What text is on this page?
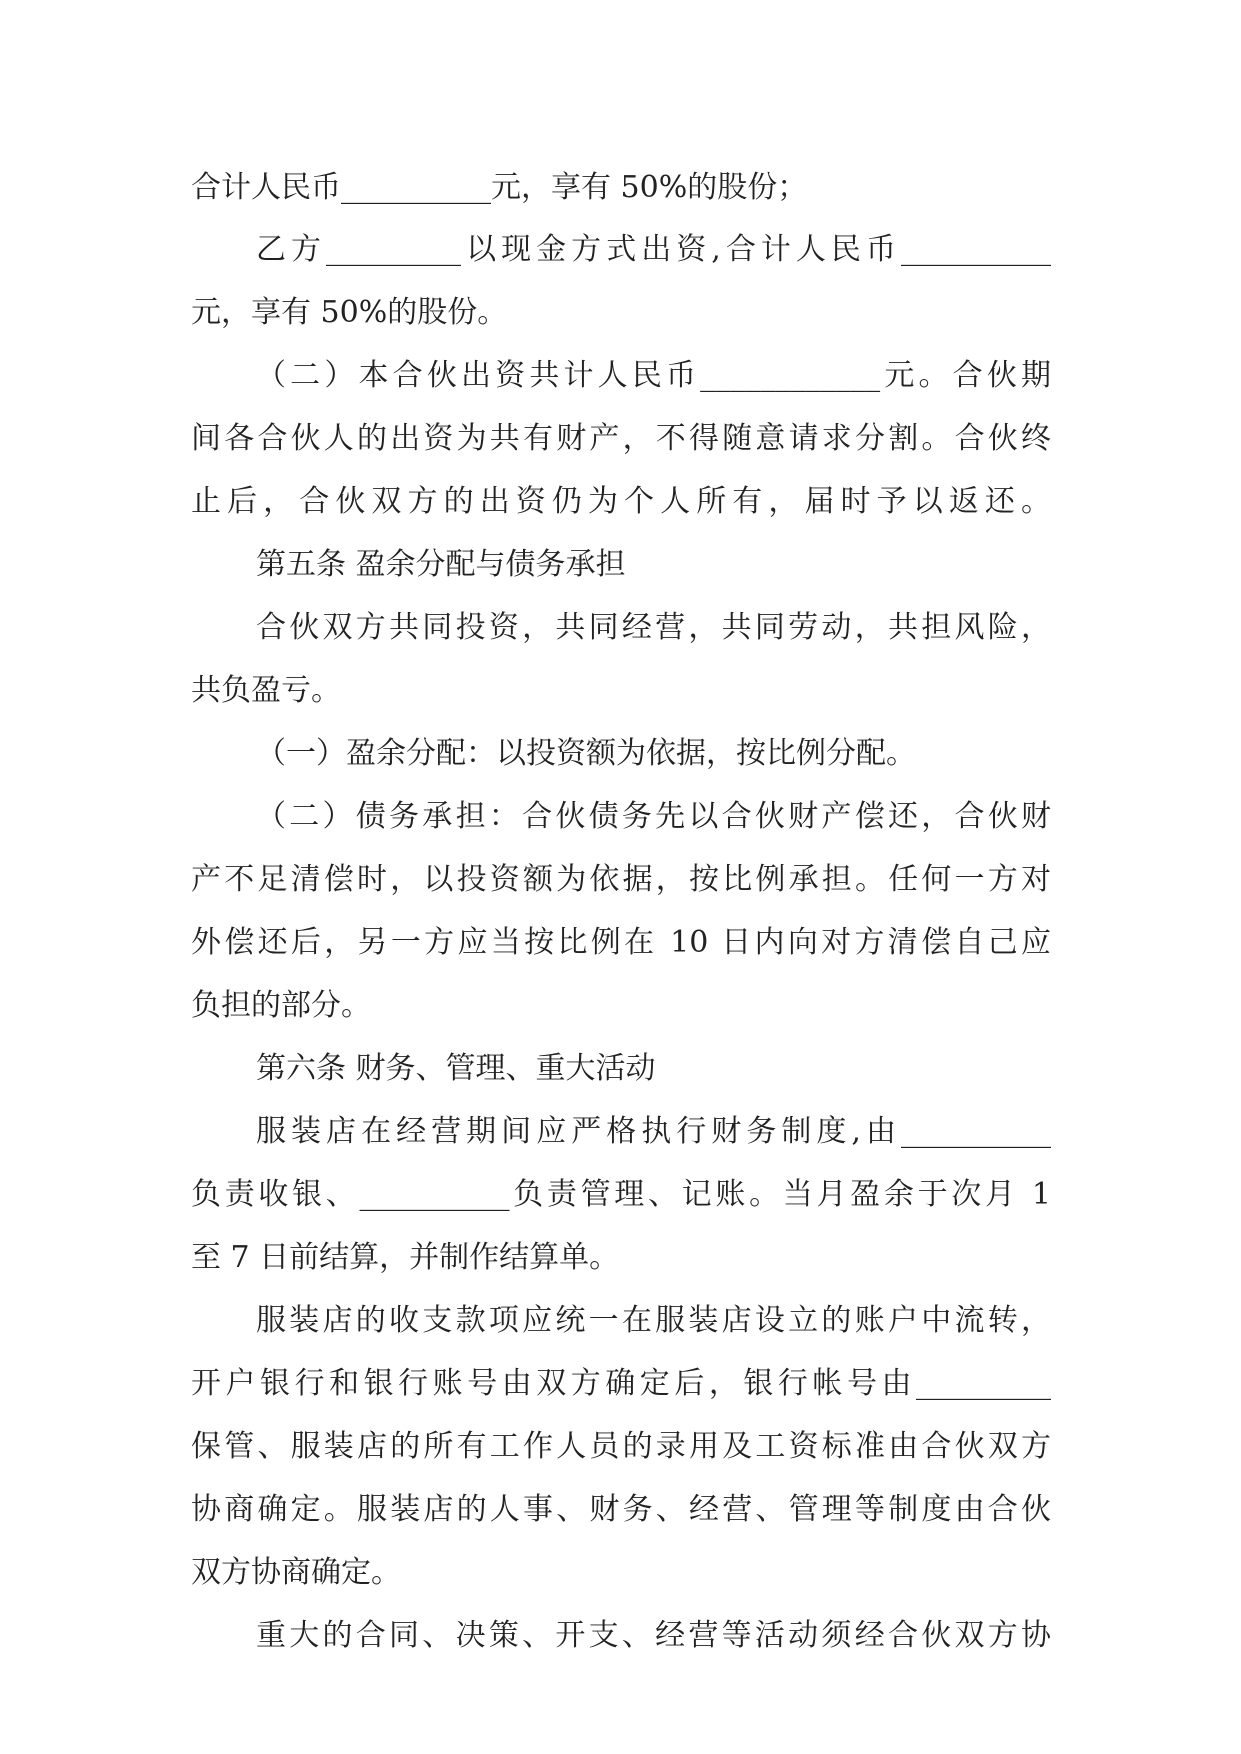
合计人民币__________元，享有 50%的股份；
乙方_________以现金方式出资,合计人民币__________
元，享有 50%的股份。
（二）本合伙出资共计人民币____________元。合伙期
间各合伙人的出资为共有财产，不得随意请求分割。合伙终
止后，合伙双方的出资仍为个人所有，届时予以返还。
第五条 盈余分配与债务承担
合伙双方共同投资，共同经营，共同劳动，共担风险，
共负盈亏。
（一）盈余分配：以投资额为依据，按比例分配。
（二）债务承担：合伙债务先以合伙财产偿还，合伙财
产不足清偿时，以投资额为依据，按比例承担。任何一方对
外偿还后，另一方应当按比例在 10 日内向对方清偿自己应
负担的部分。
第六条 财务、管理、重大活动
服装店在经营期间应严格执行财务制度,由__________
负责收银、__________负责管理、记账。当月盈余于次月 1
至 7 日前结算，并制作结算单。
服装店的收支款项应统一在服装店设立的账户中流转，
开户银行和银行账号由双方确定后，银行帐号由_________
保管、服装店的所有工作人员的录用及工资标准由合伙双方
协商确定。服装店的人事、财务、经营、管理等制度由合伙
双方协商确定。
重大的合同、决策、开支、经营等活动须经合伙双方协
